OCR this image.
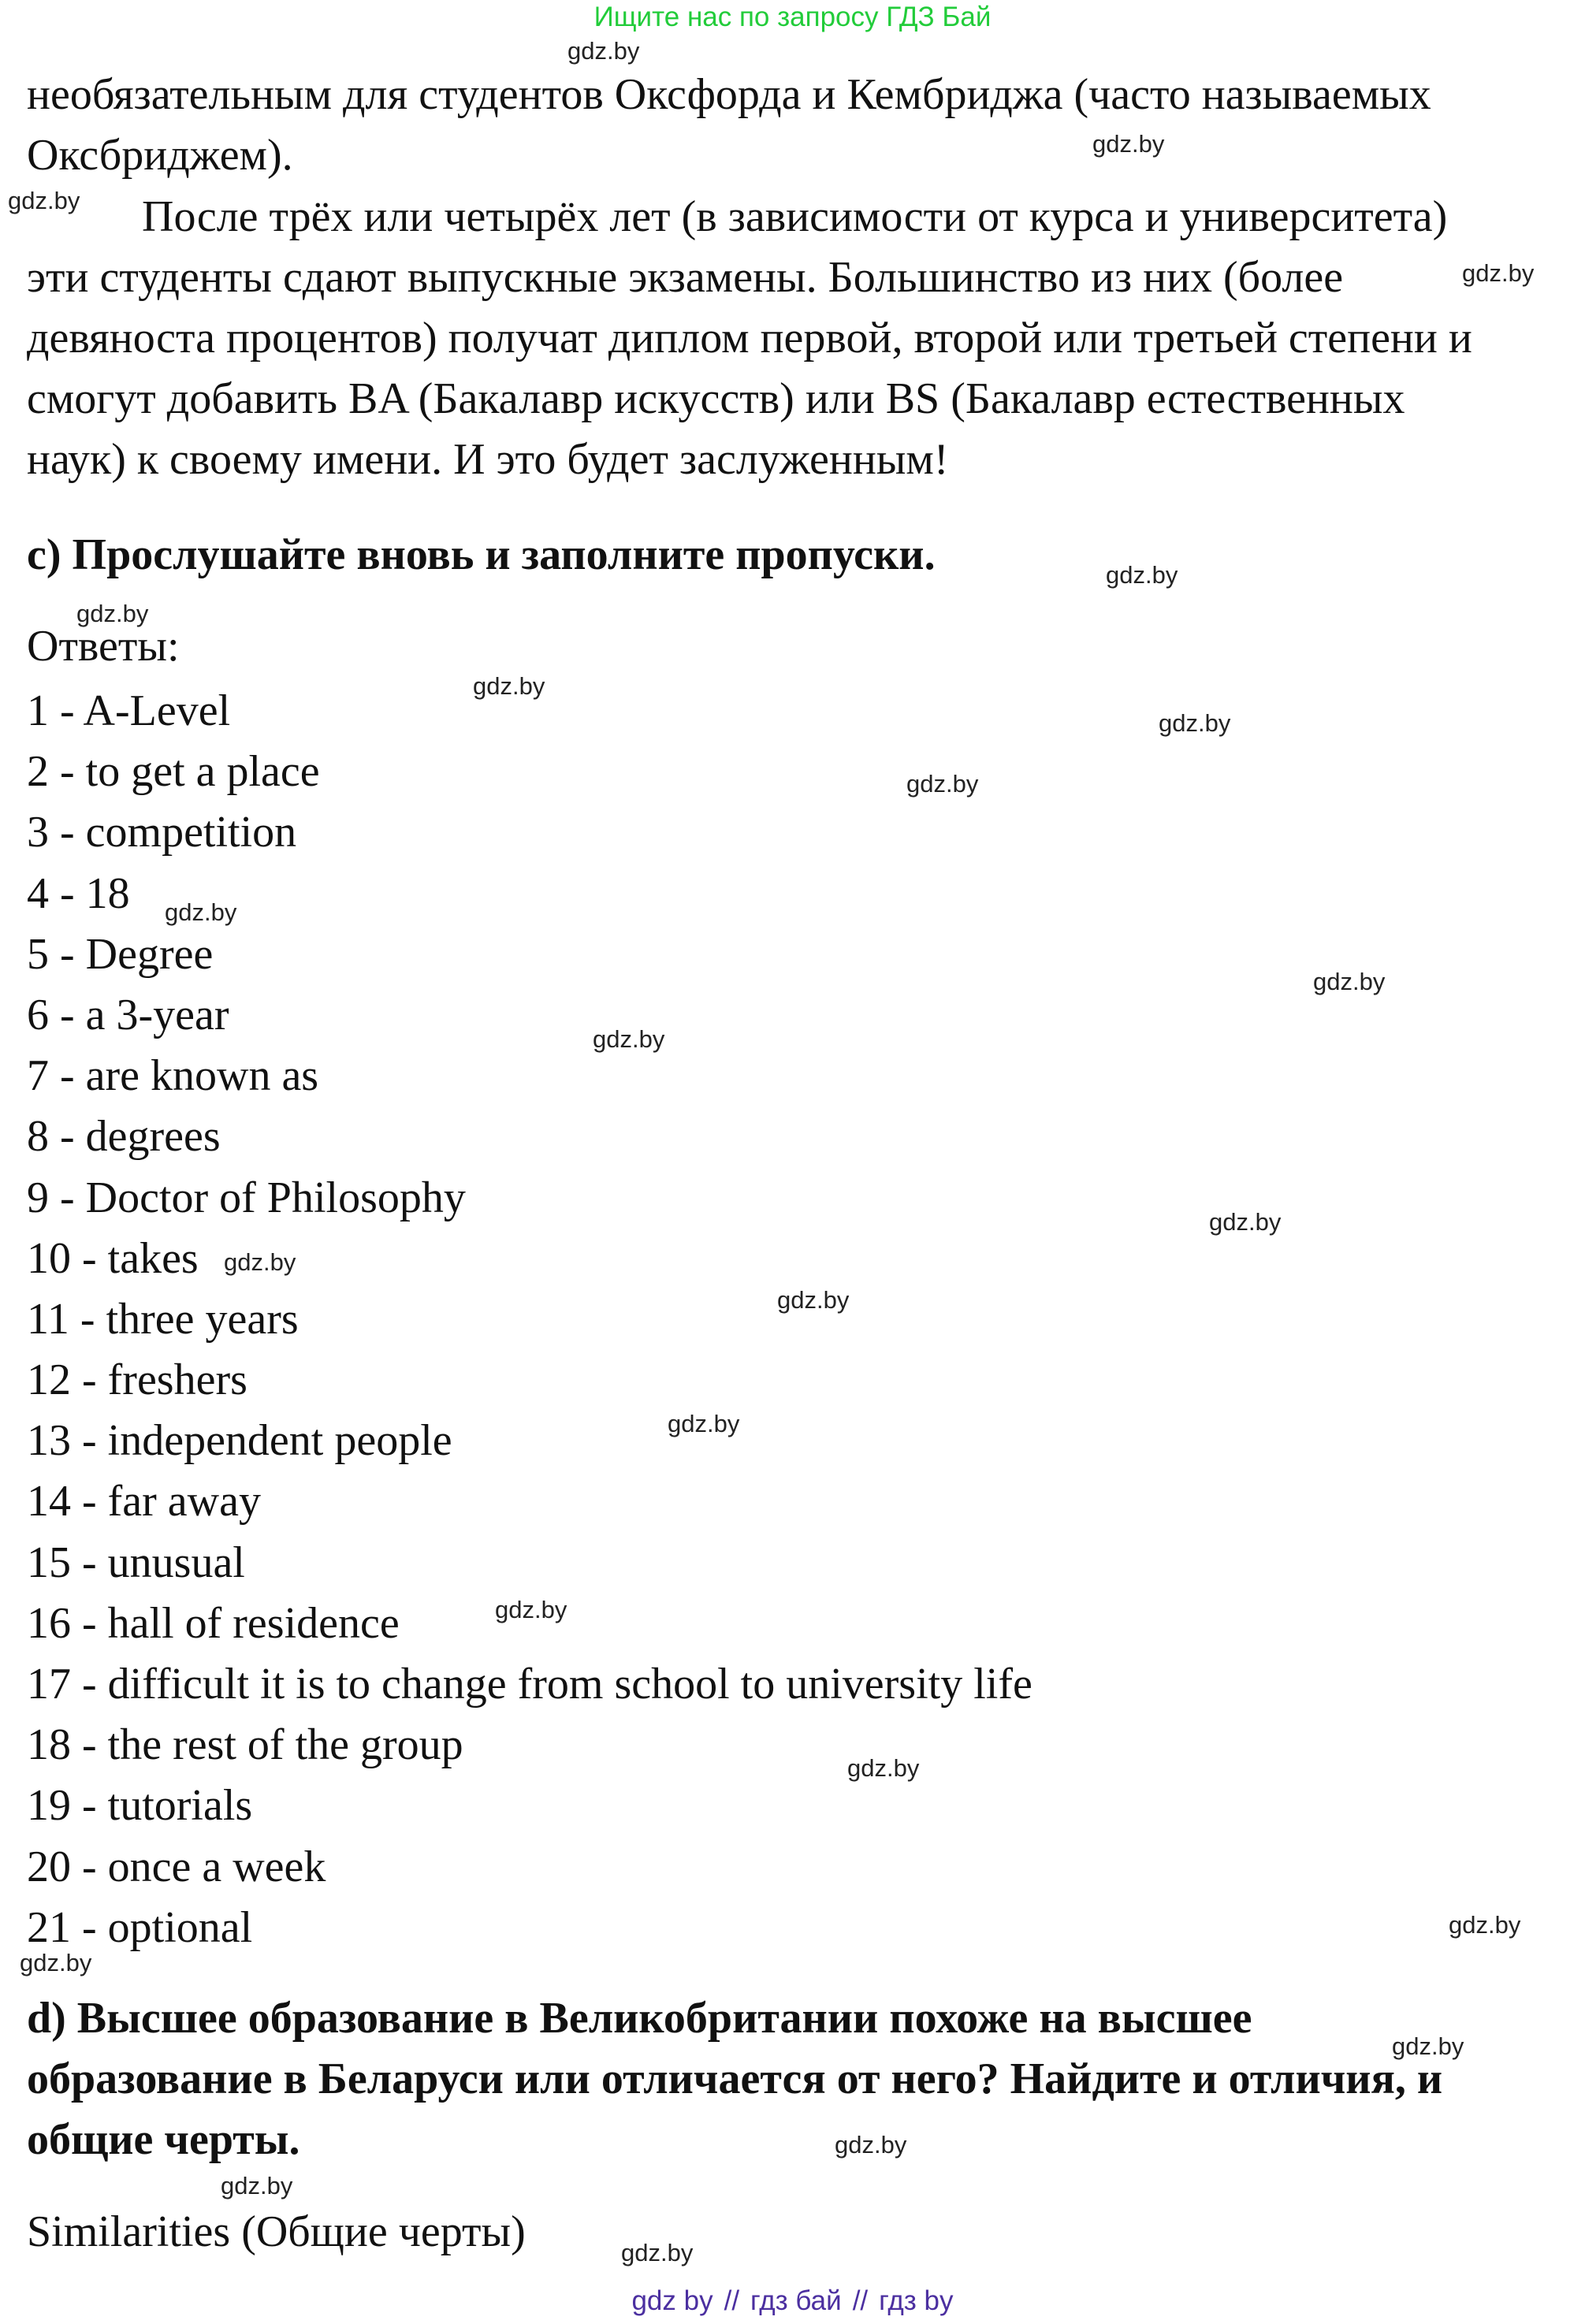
Ищите нас по запросу ГДЗ Бай
gdz.by
gdz.by
gdz.by
gdz.by
gdz.by
gdz.by
gdz.by
gdz.by
gdz.by
gdz.by
gdz.by
gdz.by
gdz.by
gdz.by
gdz.by
gdz.by
gdz.by
gdz.by
gdz.by
gdz.by
gdz.by
gdz.by
gdz.by
gdz.by
необязательным для студентов Оксфорда и Кембриджа (часто называемых
Оксбриджем).
После трёх или четырёх лет (в зависимости от курса и университета)
эти студенты сдают выпускные экзамены. Большинство из них (более
девяноста процентов) получат диплом первой, второй или третьей степени и
смогут добавить BA (Бакалавр искусств) или BS (Бакалавр естественных
наук) к своему имени. И это будет заслуженным!
c) Прослушайте вновь и заполните пропуски.
Ответы:
1 - A-Level
2 - to get a place
3 - competition
4 - 18
5 - Degree
6 - a 3-year
7 - are known as
8 - degrees
9 - Doctor of Philosophy
10 - takes
11 - three years
12 - freshers
13 - independent people
14 - far away
15 - unusual
16 - hall of residence
17 - difficult it is to change from school to university life
18 - the rest of the group
19 - tutorials
20 - once a week
21 - optional
d) Высшее образование в Великобритании похоже на высшее
образование в Беларуси или отличается от него? Найдите и отличия, и
общие черты.
Similarities (Общие черты)
gdz by // гдз бай // гдз by
